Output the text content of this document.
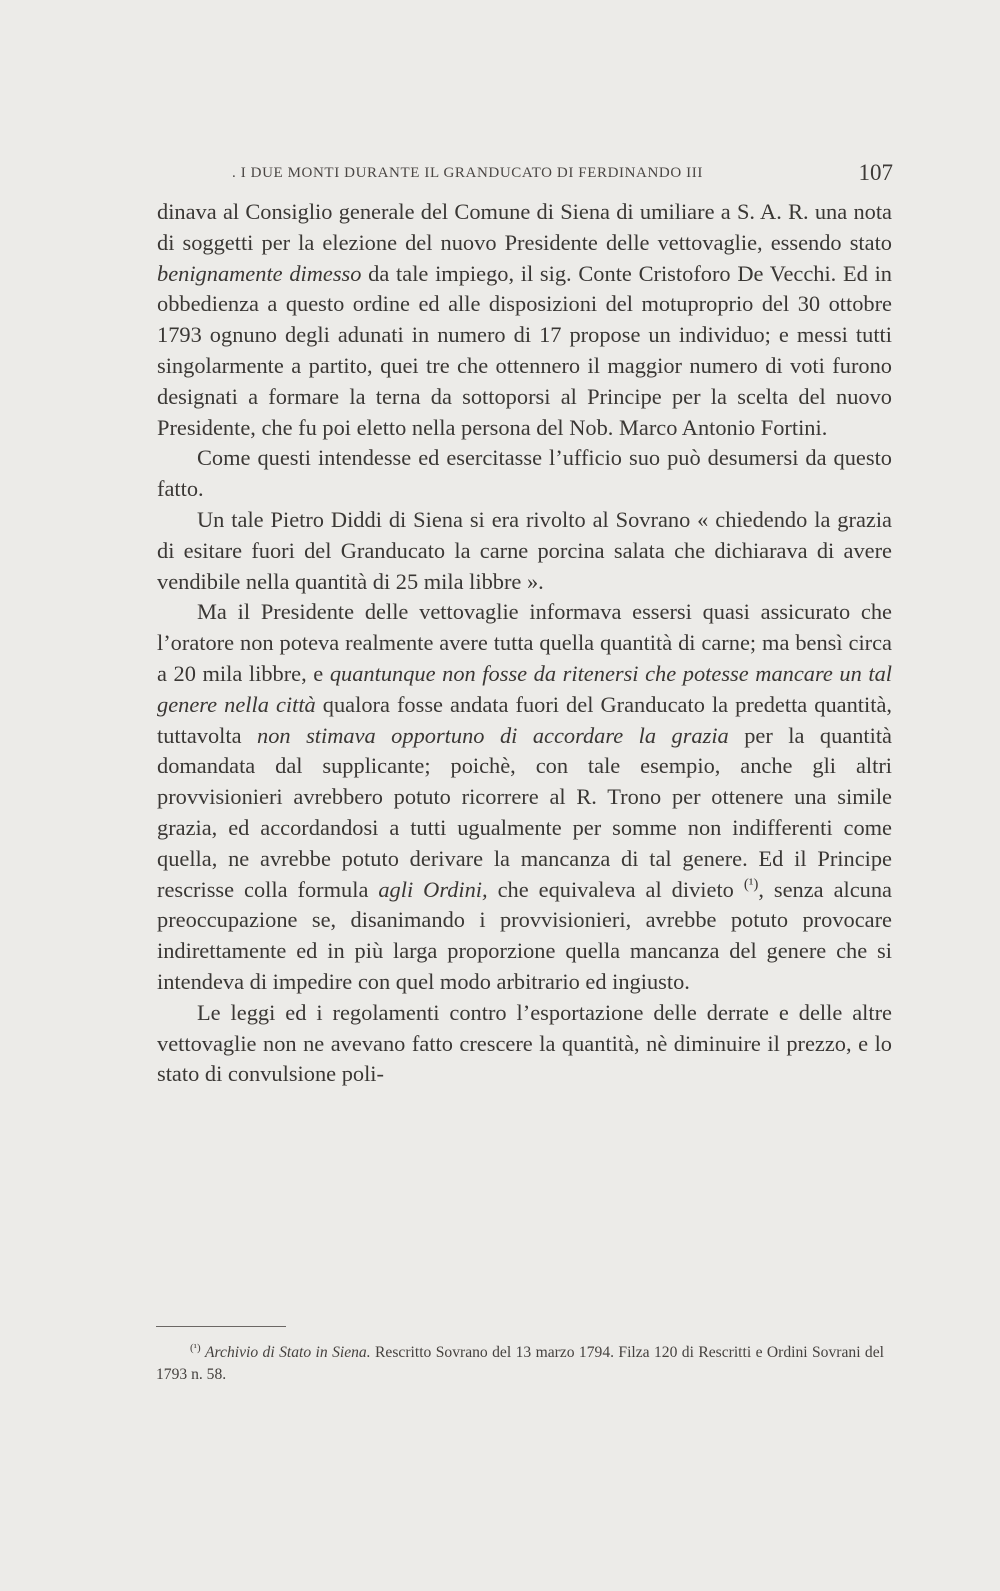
. I DUE MONTI DURANTE IL GRANDUCATO DI FERDINANDO III	107

dinava al Consiglio generale del Comune di Siena di umiliare a S. A. R. una nota di soggetti per la elezione del nuovo Presidente delle vettovaglie, essendo stato benignamente dimesso da tale impiego, il sig. Conte Cristoforo De Vecchi. Ed in obbedienza a questo ordine ed alle disposizioni del motuproprio del 30 ottobre 1793 ognuno degli adunati in numero di 17 propose un individuo; e messi tutti singolarmente a partito, quei tre che ottennero il maggior numero di voti furono designati a formare la terna da sottoporsi al Principe per la scelta del nuovo Presidente, che fu poi eletto nella persona del Nob. Marco Antonio Fortini.

Come questi intendesse ed esercitasse l’ufficio suo può desumersi da questo fatto.

Un tale Pietro Diddi di Siena si era rivolto al Sovrano « chiedendo la grazia di esitare fuori del Granducato la carne porcina salata che dichiarava di avere vendibile nella quantità di 25 mila libbre ».

Ma il Presidente delle vettovaglie informava essersi quasi assicurato che l’oratore non poteva realmente avere tutta quella quantità di carne; ma bensì circa a 20 mila libbre, e quantunque non fosse da ritenersi che potesse mancare un tal genere nella città qualora fosse andata fuori del Granducato la predetta quantità, tuttavolta non stimava opportuno di accordare la grazia per la quantità domandata dal supplicante; poichè, con tale esempio, anche gli altri provvisionieri avrebbero potuto ricorrere al R. Trono per ottenere una simile grazia, ed accordandosi a tutti ugualmente per somme non indifferenti come quella, ne avrebbe potuto derivare la mancanza di tal genere. Ed il Principe rescrisse colla formula agli Ordini, che equivaleva al divieto $^{(^1)}$, senza alcuna preoccupazione se, disanimando i provvisionieri, avrebbe potuto provocare indirettamente ed in più larga proporzione quella mancanza del genere che si intendeva di impedire con quel modo arbitrario ed ingiusto.

Le leggi ed i regolamenti contro l’esportazione delle derrate e delle altre vettovaglie non ne avevano fatto crescere la quantità, nè diminuire il prezzo, e lo stato di convulsione poli-

$^{(^1)}$ Archivio di Stato in Siena. Rescritto Sovrano del 13 marzo 1794. Filza 120 di Rescritti e Ordini Sovrani del 1793 n. 58.
